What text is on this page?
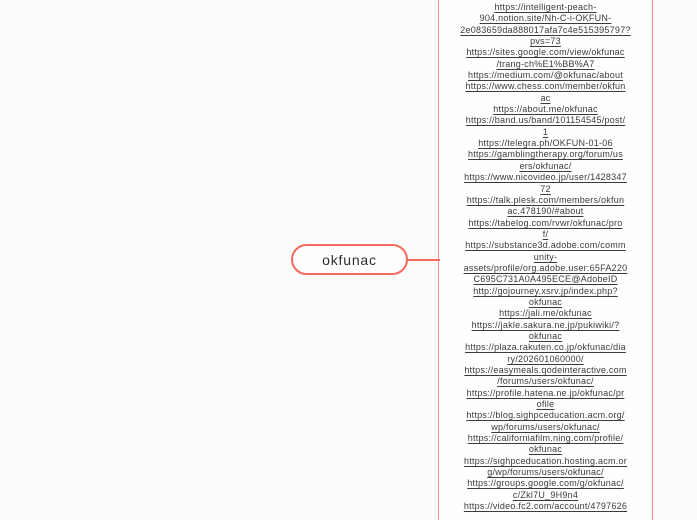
okfunac
https://intelligent-peach-
904.notion.site/Nh-C-i-OKFUN-
2e083659da888017afa7c4e515395797?
pvs=73
https://sites.google.com/view/okfunac
/trang-ch%E1%BB%A7
https://medium.com/@okfunac/about
https://www.chess.com/member/okfun
ac
https://about.me/okfunac
https://band.us/band/101154545/post/
1
https://telegra.ph/OKFUN-01-06
https://gamblingtherapy.org/forum/us
ers/okfunac/
https://www.nicovideo.jp/user/1428347
72
https://talk.plesk.com/members/okfun
ac.478190/#about
https://tabelog.com/rvwr/okfunac/pro
f/
https://substance3d.adobe.com/comm
unity-
assets/profile/org.adobe.user:65FA220
C695C731A0A495ECE@AdobeID
http://gojourney.xsrv.jp/index.php?
okfunac
https://jali.me/okfunac
https://jakle.sakura.ne.jp/pukiwiki/?
okfunac
https://plaza.rakuten.co.jp/okfunac/dia
ry/202601060000/
https://easymeals.qodeinteractive.com
/forums/users/okfunac/
https://profile.hatena.ne.jp/okfunac/pr
ofile
https://blog.sighpceducation.acm.org/
wp/forums/users/okfunac/
https://californiafilm.ning.com/profile/
okfunac
https://sighpceducation.hosting.acm.or
g/wp/forums/users/okfunac/
https://groups.google.com/g/okfunac/
c/Zkl7U_9H9n4
https://video.fc2.com/account/4797626
